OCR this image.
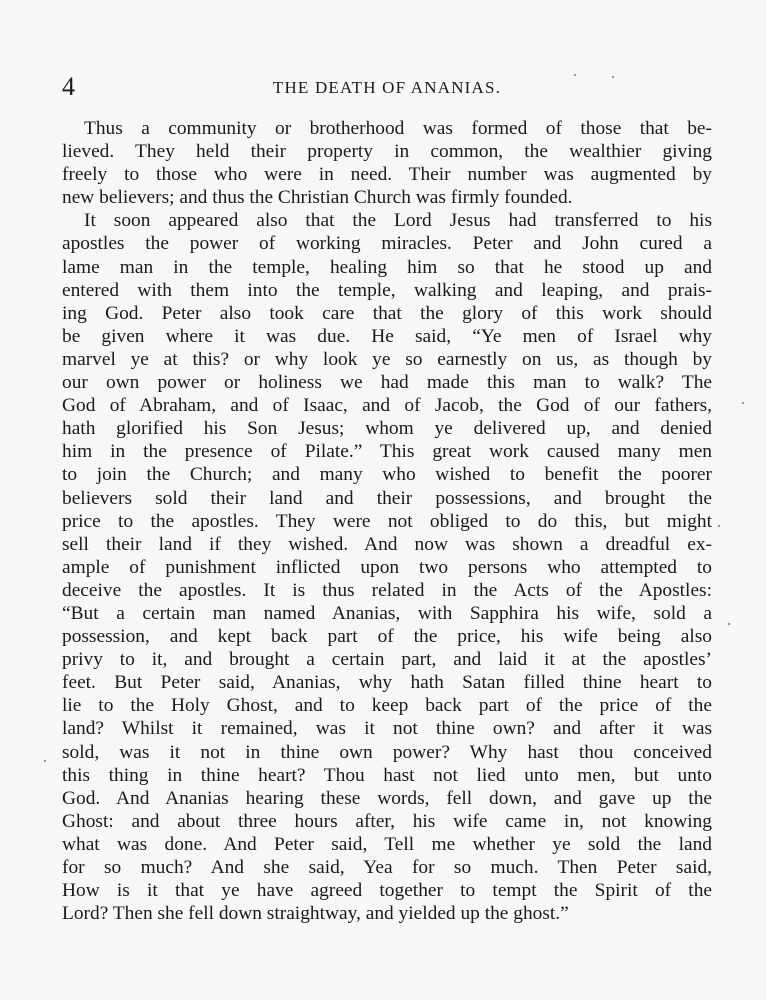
4	THE DEATH OF ANANIAS.
Thus a community or brotherhood was formed of those that be-
lieved. They held their property in common, the wealthier giving
freely to those who were in need. Their number was augmented by
new believers; and thus the Christian Church was firmly founded.
It soon appeared also that the Lord Jesus had transferred to his
apostles the power of working miracles. Peter and John cured a
lame man in the temple, healing him so that he stood up and
entered with them into the temple, walking and leaping, and prais-
ing God. Peter also took care that the glory of this work should
be given where it was due. He said, “Ye men of Israel why
marvel ye at this? or why look ye so earnestly on us, as though by
our own power or holiness we had made this man to walk? The
God of Abraham, and of Isaac, and of Jacob, the God of our fathers,
hath glorified his Son Jesus; whom ye delivered up, and denied
him in the presence of Pilate.” This great work caused many men
to join the Church; and many who wished to benefit the poorer
believers sold their land and their possessions, and brought the
price to the apostles. They were not obliged to do this, but might
sell their land if they wished. And now was shown a dreadful ex-
ample of punishment inflicted upon two persons who attempted to
deceive the apostles. It is thus related in the Acts of the Apostles:
“But a certain man named Ananias, with Sapphira his wife, sold a
possession, and kept back part of the price, his wife being also
privy to it, and brought a certain part, and laid it at the apostles’
feet. But Peter said, Ananias, why hath Satan filled thine heart to
lie to the Holy Ghost, and to keep back part of the price of the
land? Whilst it remained, was it not thine own? and after it was
sold, was it not in thine own power? Why hast thou conceived
this thing in thine heart? Thou hast not lied unto men, but unto
God. And Ananias hearing these words, fell down, and gave up the
Ghost: and about three hours after, his wife came in, not knowing
what was done. And Peter said, Tell me whether ye sold the land
for so much? And she said, Yea for so much. Then Peter said,
How is it that ye have agreed together to tempt the Spirit of the
Lord? Then she fell down straightway, and yielded up the ghost.”
